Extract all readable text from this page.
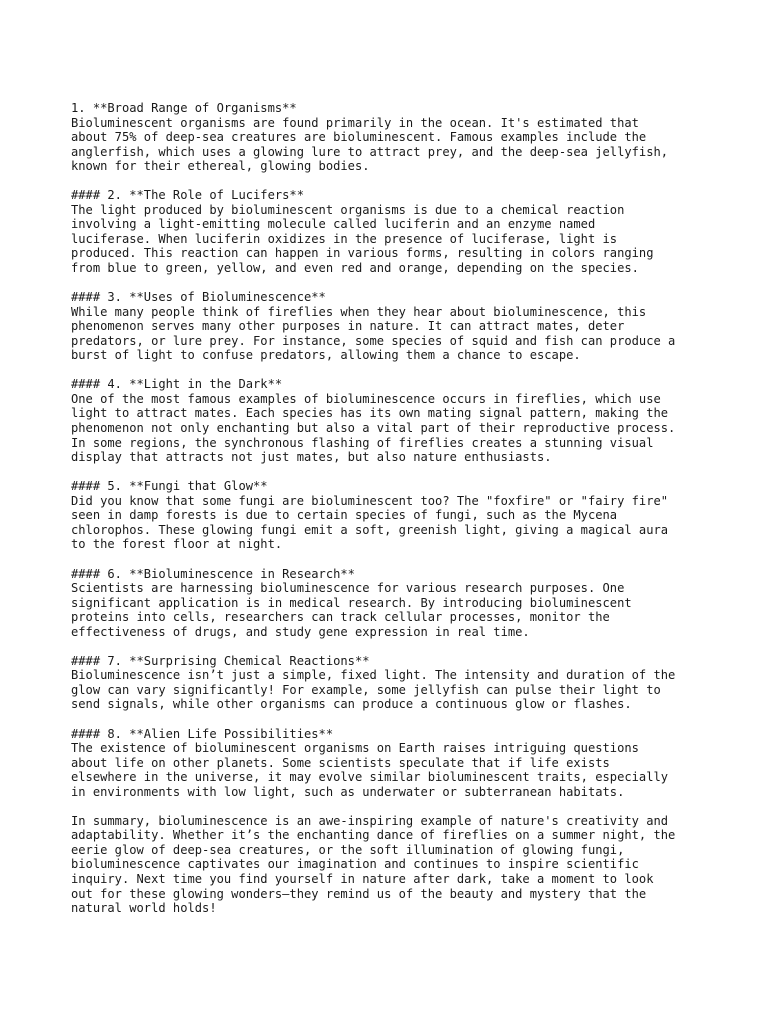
1. **Broad Range of Organisms**
Bioluminescent organisms are found primarily in the ocean. It's estimated that
about 75% of deep-sea creatures are bioluminescent. Famous examples include the
anglerfish, which uses a glowing lure to attract prey, and the deep-sea jellyfish,
known for their ethereal, glowing bodies.
#### 2. **The Role of Lucifers**
The light produced by bioluminescent organisms is due to a chemical reaction
involving a light-emitting molecule called luciferin and an enzyme named
luciferase. When luciferin oxidizes in the presence of luciferase, light is
produced. This reaction can happen in various forms, resulting in colors ranging
from blue to green, yellow, and even red and orange, depending on the species.
#### 3. **Uses of Bioluminescence**
While many people think of fireflies when they hear about bioluminescence, this
phenomenon serves many other purposes in nature. It can attract mates, deter
predators, or lure prey. For instance, some species of squid and fish can produce a
burst of light to confuse predators, allowing them a chance to escape.
#### 4. **Light in the Dark**
One of the most famous examples of bioluminescence occurs in fireflies, which use
light to attract mates. Each species has its own mating signal pattern, making the
phenomenon not only enchanting but also a vital part of their reproductive process.
In some regions, the synchronous flashing of fireflies creates a stunning visual
display that attracts not just mates, but also nature enthusiasts.
#### 5. **Fungi that Glow**
Did you know that some fungi are bioluminescent too? The "foxfire" or "fairy fire"
seen in damp forests is due to certain species of fungi, such as the Mycena
chlorophos. These glowing fungi emit a soft, greenish light, giving a magical aura
to the forest floor at night.
#### 6. **Bioluminescence in Research**
Scientists are harnessing bioluminescence for various research purposes. One
significant application is in medical research. By introducing bioluminescent
proteins into cells, researchers can track cellular processes, monitor the
effectiveness of drugs, and study gene expression in real time.
#### 7. **Surprising Chemical Reactions**
Bioluminescence isn’t just a simple, fixed light. The intensity and duration of the
glow can vary significantly! For example, some jellyfish can pulse their light to
send signals, while other organisms can produce a continuous glow or flashes.
#### 8. **Alien Life Possibilities**
The existence of bioluminescent organisms on Earth raises intriguing questions
about life on other planets. Some scientists speculate that if life exists
elsewhere in the universe, it may evolve similar bioluminescent traits, especially
in environments with low light, such as underwater or subterranean habitats.
In summary, bioluminescence is an awe-inspiring example of nature's creativity and
adaptability. Whether it’s the enchanting dance of fireflies on a summer night, the
eerie glow of deep-sea creatures, or the soft illumination of glowing fungi,
bioluminescence captivates our imagination and continues to inspire scientific
inquiry. Next time you find yourself in nature after dark, take a moment to look
out for these glowing wonders—they remind us of the beauty and mystery that the
natural world holds!
